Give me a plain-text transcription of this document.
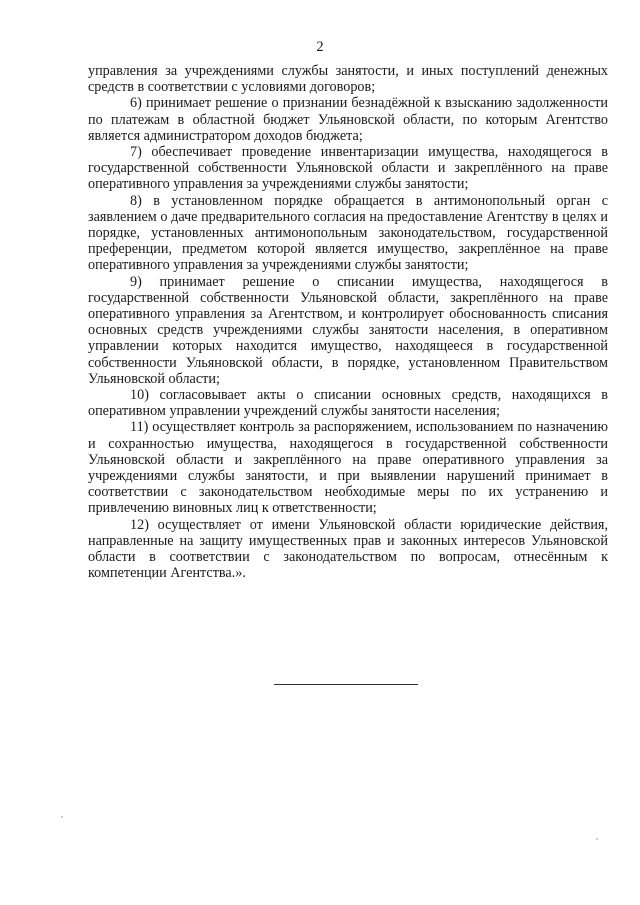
2

управления за учреждениями службы занятости, и иных поступлений денежных средств в соответствии с условиями договоров;

6) принимает решение о признании безнадёжной к взысканию задолженности по платежам в областной бюджет Ульяновской области, по которым Агентство является администратором доходов бюджета;

7) обеспечивает проведение инвентаризации имущества, находящегося в государственной собственности Ульяновской области и закреплённого на праве оперативного управления за учреждениями службы занятости;

8) в установленном порядке обращается в антимонопольный орган с заявлением о даче предварительного согласия на предоставление Агентству в целях и порядке, установленных антимонопольным законодательством, государственной преференции, предметом которой является имущество, закреплённое на праве оперативного управления за учреждениями службы занятости;

9) принимает решение о списании имущества, находящегося в государственной собственности Ульяновской области, закреплённого на праве оперативного управления за Агентством, и контролирует обоснованность списания основных средств учреждениями службы занятости населения, в оперативном управлении которых находится имущество, находящееся в государственной собственности Ульяновской области, в порядке, установленном Правительством Ульяновской области;

10) согласовывает акты о списании основных средств, находящихся в оперативном управлении учреждений службы занятости населения;

11) осуществляет контроль за распоряжением, использованием по назначению и сохранностью имущества, находящегося в государственной собственности Ульяновской области и закреплённого на праве оперативного управления за учреждениями службы занятости, и при выявлении нарушений принимает в соответствии с законодательством необходимые меры по их устранению и привлечению виновных лиц к ответственности;

12) осуществляет от имени Ульяновской области юридические действия, направленные на защиту имущественных прав и законных интересов Ульяновской области в соответствии с законодательством по вопросам, отнесённым к компетенции Агентства.».
